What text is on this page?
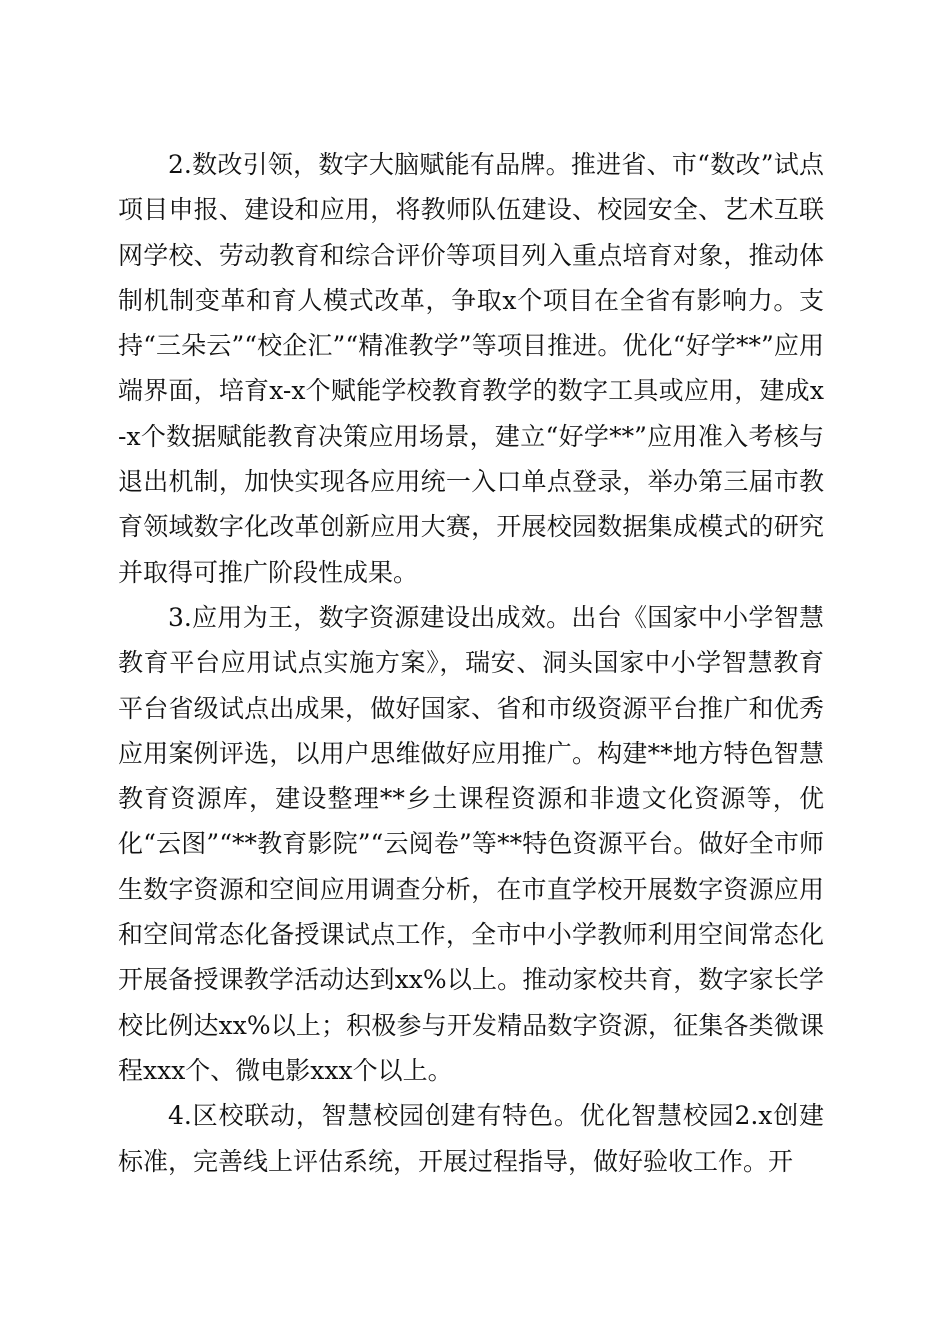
2.数改引领，数字大脑赋能有品牌。推进省、市“数改”试点项目申报、建设和应用，将教师队伍建设、校园安全、艺术互联网学校、劳动教育和综合评价等项目列入重点培育对象，推动体制机制变革和育人模式改革，争取x个项目在全省有影响力。支持“三朵云”“校企汇”“精准教学”等项目推进。优化“好学**”应用端界面，培育x-x个赋能学校教育教学的数字工具或应用，建成x-x个数据赋能教育决策应用场景，建立“好学**”应用准入考核与退出机制，加快实现各应用统一入口单点登录，举办第三届市教育领域数字化改革创新应用大赛，开展校园数据集成模式的研究并取得可推广阶段性成果。

3.应用为王，数字资源建设出成效。出台《国家中小学智慧教育平台应用试点实施方案》，瑞安、洞头国家中小学智慧教育平台省级试点出成果，做好国家、省和市级资源平台推广和优秀应用案例评选，以用户思维做好应用推广。构建**地方特色智慧教育资源库，建设整理**乡土课程资源和非遗文化资源等，优化“云图”“**教育影院”“云阅卷”等**特色资源平台。做好全市师生数字资源和空间应用调查分析，在市直学校开展数字资源应用和空间常态化备授课试点工作，全市中小学教师利用空间常态化开展备授课教学活动达到xx%以上。推动家校共育，数字家长学校比例达xx%以上；积极参与开发精品数字资源，征集各类微课程xxx个、微电影xxx个以上。

4.区校联动，智慧校园创建有特色。优化智慧校园2.x创建标准，完善线上评估系统，开展过程指导，做好验收工作。开
